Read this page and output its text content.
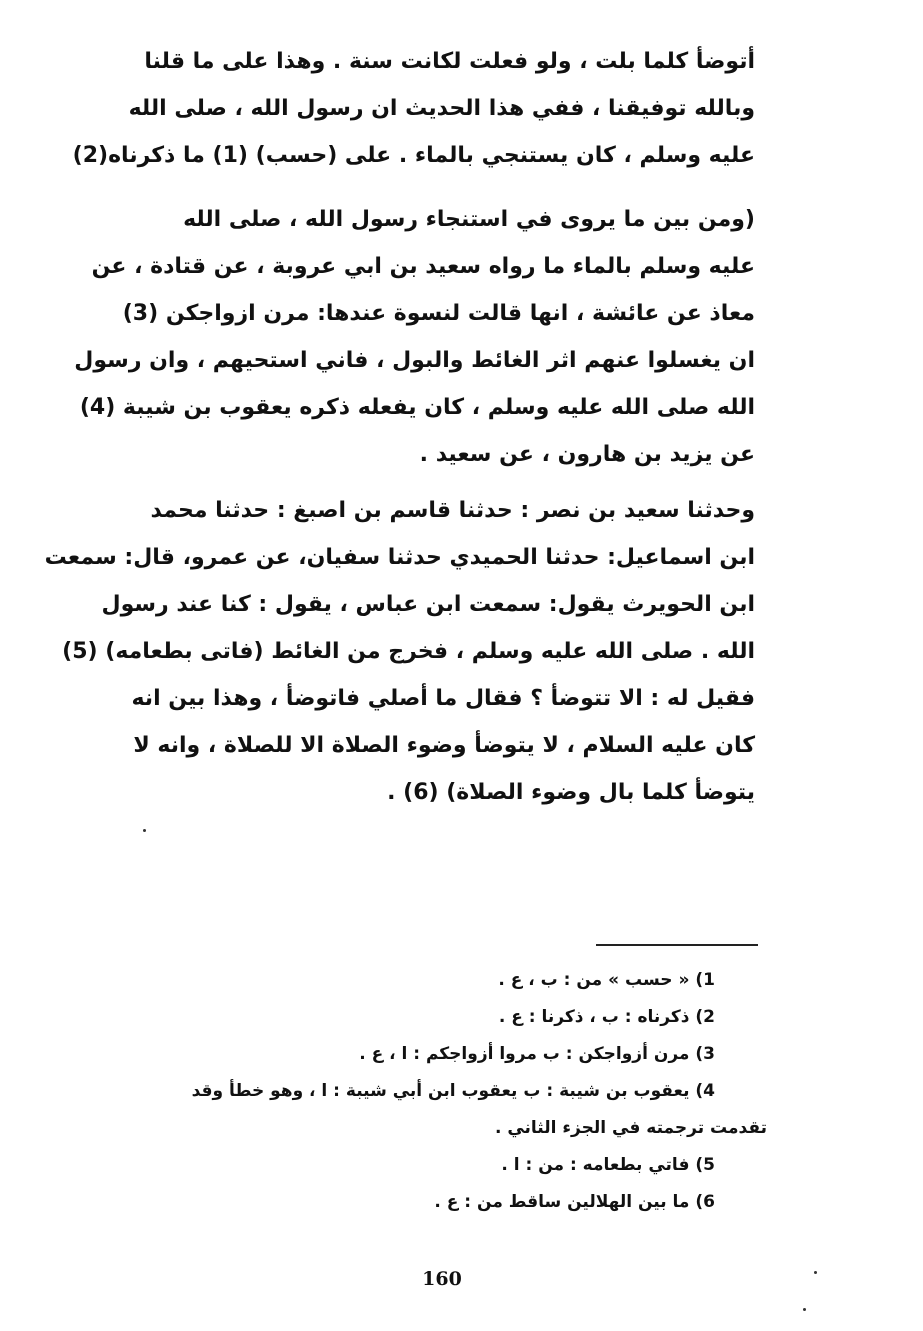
أتوضأ كلما بلت ، ولو فعلت لكانت سنة . وهذا على ما قلنا
وبالله توفيقنا ، ففي هذا الحديث ان رسول الله ، صلى الله
عليه وسلم ، كان يستنجي بالماء . على (حسب) (1) ما ذكرناه(2)
(ومن بين ما يروى في استنجاء رسول الله ، صلى الله
عليه وسلم بالماء ما رواه سعيد بن ابي عروبة ، عن قتادة ، عن
معاذ عن عائشة ، انها قالت لنسوة عندها: مرن ازواجكن (3)
ان يغسلوا عنهم اثر الغائط والبول ، فاني استحيهم ، وان رسول
الله صلى الله عليه وسلم ، كان يفعله ذكره يعقوب بن شيبة (4)
عن يزيد بن هارون ، عن سعيد .
وحدثنا سعيد بن نصر : حدثنا قاسم بن اصبغ : حدثنا محمد
ابن اسماعيل: حدثنا الحميدي حدثنا سفيان، عن عمرو، قال: سمعت
ابن الحويرث يقول: سمعت ابن عباس ، يقول : كنا عند رسول
الله . صلى الله عليه وسلم ، فخرج من الغائط (فاتى بطعامه) (5)
فقيل له : الا تتوضأ ؟ فقال ما أصلي فاتوضأ ، وهذا بين انه
كان عليه السلام ، لا يتوضأ وضوء الصلاة الا للصلاة ، وانه لا
يتوضأ كلما بال وضوء الصلاة) (6) .
1) « حسب » من : ب ، ع .
2) ذكرناه : ب ، ذكرنا : ع .
3) مرن أزواجكن : ب مروا أزواجكم : ا ، ع .
4) يعقوب بن شيبة : ب يعقوب ابن أبي شيبة : ا ، وهو خطأ وقد
تقدمت ترجمته في الجزء الثاني .
5) فاتي بطعامه : من : ا .
6) ما بين الهلالين ساقط من : ع .
160
